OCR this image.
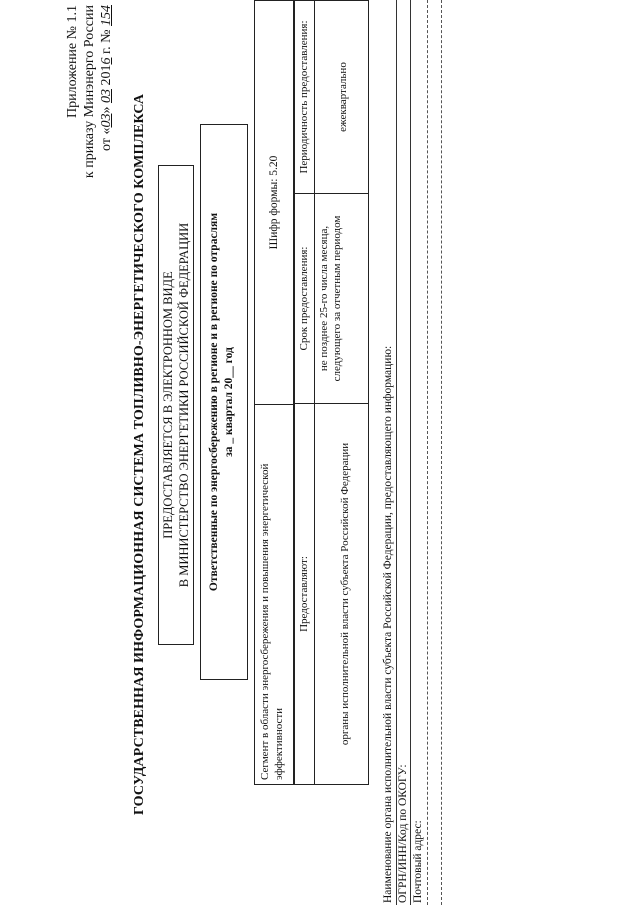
Приложение № 1.1 к приказу Минэнерго России от «03» 03 2016 г. № 154
ГОСУДАРСТВЕННАЯ ИНФОРМАЦИОННАЯ СИСТЕМА ТОПЛИВНО-ЭНЕРГЕТИЧЕСКОГО КОМПЛЕКСА ПРЕДОСТАВЛЯЕТСЯ В ЭЛЕКТРОННОМ ВИДЕ В МИНИСТЕРСТВО ЭНЕРГЕТИКИ РОССИЙСКОЙ ФЕДЕРАЦИИ Ответственные по энергосбережению в регионе и в регионе по отраслям за _ квартал 20__ год
Сегмент в области энергосбережения и повышения энергетической эффективности
Шифр формы: 5.20
Предоставляют:
Срок предоставления:
Периодичность предоставления:
органы исполнительной власти субъекта Российской Федерации
не позднее 25-го числа месяца, следующего за отчетным периодом
ежеквартально
Наименование органа исполнительной власти субъекта Российской Федерации, предоставляющего информацию: ОГРН/ИНН/Код по ОКОГУ: Почтовый адрес:
